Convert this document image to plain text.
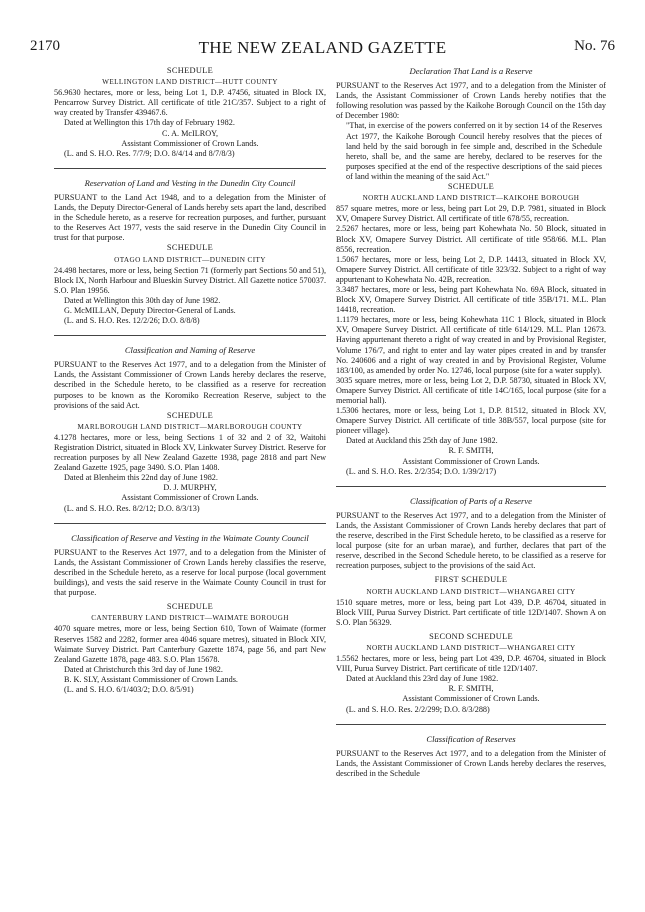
2170	THE NEW ZEALAND GAZETTE	No. 76
SCHEDULE
WELLINGTON LAND DISTRICT—HUTT COUNTY

56.9630 hectares, more or less, being Lot 1, D.P. 47456, situated in Block IX, Pencarrow Survey District. All certificate of title 21C/357. Subject to a right of way created by Transfer 439467.6.

Dated at Wellington this 17th day of February 1982.

C. A. McILROY,

Assistant Commissioner of Crown Lands.

(L. and S. H.O. Res. 7/7/9; D.O. 8/4/14 and 8/7/8/3)

Reservation of Land and Vesting in the Dunedin City Council

PURSUANT to the Land Act 1948, and to a delegation from the Minister of Lands, the Deputy Director-General of Lands hereby sets apart the land, described in the Schedule hereto, as a reserve for recreation purposes, and further, pursuant to the Reserves Act 1977, vests the said reserve in the Dunedin City Council in trust for that purpose.

SCHEDULE
OTAGO LAND DISTRICT—DUNEDIN CITY

24.498 hectares, more or less, being Section 71 (formerly part Sections 50 and 51), Block IX, North Harbour and Blueskin Survey District. All Gazette notice 570037. S.O. Plan 19956.

Dated at Wellington this 30th day of June 1982.

G. McMILLAN, Deputy Director-General of Lands.

(L. and S. H.O. Res. 12/2/26; D.O. 8/8/8)

Classification and Naming of Reserve

PURSUANT to the Reserves Act 1977, and to a delegation from the Minister of Lands, the Assistant Commissioner of Crown Lands hereby declares the reserve, described in the Schedule hereto, to be classified as a reserve for recreation purposes to be known as the Koromiko Recreation Reserve, subject to the provisions of the said Act.

SCHEDULE
MARLBOROUGH LAND DISTRICT—MARLBOROUGH COUNTY

4.1278 hectares, more or less, being Sections 1 of 32 and 2 of 32, Waitohi Registration District, situated in Block XV, Linkwater Survey District. Reserve for recreation purposes by all New Zealand Gazette 1938, page 2818 and part New Zealand Gazette 1925, page 3490. S.O. Plan 1408.

Dated at Blenheim this 22nd day of June 1982.

D. J. MURPHY,

Assistant Commissioner of Crown Lands.

(L. and S. H.O. Res. 8/2/12; D.O. 8/3/13)

Classification of Reserve and Vesting in the Waimate County Council

PURSUANT to the Reserves Act 1977, and to a delegation from the Minister of Lands, the Assistant Commissioner of Crown Lands hereby classifies the reserve, described in the Schedule hereto, as a reserve for local purpose (local government buildings), and vests the said reserve in the Waimate County Council in trust for that purpose.

SCHEDULE
CANTERBURY LAND DISTRICT—WAIMATE BOROUGH

4070 square metres, more or less, being Section 610, Town of Waimate (former Reserves 1582 and 2282, former area 4046 square metres), situated in Block XIV, Waimate Survey District. Part Canterbury Gazette 1874, page 56, and part New Zealand Gazette 1878, page 483. S.O. Plan 15678.

Dated at Christchurch this 3rd day of June 1982.

B. K. SLY, Assistant Commissioner of Crown Lands.

(L. and S. H.O. 6/1/403/2; D.O. 8/5/91)

Declaration That Land is a Reserve

PURSUANT to the Reserves Act 1977, and to a delegation from the Minister of Lands, the Assistant Commissioner of Crown Lands hereby notifies that the following resolution was passed by the Kaikohe Borough Council on the 15th day of December 1980:

"That, in exercise of the powers conferred on it by section 14 of the Reserves Act 1977, the Kaikohe Borough Council hereby resolves that the pieces of land held by the said borough in fee simple and, described in the Schedule hereto, shall be, and the same are hereby, declared to be reserves for the purposes specified at the end of the respective descriptions of the said pieces of land within the meaning of the said Act."

SCHEDULE
NORTH AUCKLAND LAND DISTRICT—KAIKOHE BOROUGH

857 square metres, more or less, being part Lot 29, D.P. 7981, situated in Block XV, Omapere Survey District. All certificate of title 678/55, recreation.

2.5267 hectares, more or less, being part Kohewhata No. 50 Block, situated in Block XV, Omapere Survey District. All certificate of title 958/66. M.L. Plan 8556, recreation.

1.5067 hectares, more or less, being Lot 2, D.P. 14413, situated in Block XV, Omapere Survey District. All certificate of title 323/32. Subject to a right of way appurtenant to Kohewhata No. 42B, recreation.

3.3487 hectares, more or less, being part Kohewhata No. 69A Block, situated in Block XV, Omapere Survey District. All certificate of title 35B/171. M.L. Plan 14418, recreation.

1.1179 hectares, more or less, being Kohewhata 11C 1 Block, situated in Block XV, Omapere Survey District. All certificate of title 614/129. M.L. Plan 12673. Having appurtenant thereto a right of way created in and by Provisional Register, Volume 176/7, and right to enter and lay water pipes created in and by transfer No. 240606 and a right of way created in and by Provisional Register, Volume 183/100, as amended by order No. 12746, local purpose (site for a water supply).

3035 square metres, more or less, being Lot 2, D.P. 58730, situated in Block XV, Omapere Survey District. All certificate of title 14C/165, local purpose (site for a memorial hall).

1.5306 hectares, more or less, being Lot 1, D.P. 81512, situated in Block XV, Omapere Survey District. All certificate of title 38B/557, local purpose (site for pioneer village).

Dated at Auckland this 25th day of June 1982.

R. F. SMITH,

Assistant Commissioner of Crown Lands.

(L. and S. H.O. Res. 2/2/354; D.O. 1/39/2/17)

Classification of Parts of a Reserve

PURSUANT to the Reserves Act 1977, and to a delegation from the Minister of Lands, the Assistant Commissioner of Crown Lands hereby declares that part of the reserve, described in the First Schedule hereto, to be classified as a reserve for local purpose (site for an urban marae), and further, declares that part of the reserve, described in the Second Schedule hereto, to be classified as a reserve for recreation purposes, subject to the provisions of the said Act.

FIRST SCHEDULE
NORTH AUCKLAND LAND DISTRICT—WHANGAREI CITY

1510 square metres, more or less, being part Lot 439, D.P. 46704, situated in Block VIII, Purua Survey District. Part certificate of title 12D/1407. Shown A on S.O. Plan 56329.

SECOND SCHEDULE
NORTH AUCKLAND LAND DISTRICT—WHANGAREI CITY

1.5562 hectares, more or less, being part Lot 439, D.P. 46704, situated in Block VIII, Purua Survey District. Part certificate of title 12D/1407.

Dated at Auckland this 23rd day of June 1982.

R. F. SMITH,

Assistant Commissioner of Crown Lands.

(L. and S. H.O. Res. 2/2/299; D.O. 8/3/288)

Classification of Reserves

PURSUANT to the Reserves Act 1977, and to a delegation from the Minister of Lands, the Assistant Commissioner of Crown Lands hereby declares the reserves, described in the Schedule
